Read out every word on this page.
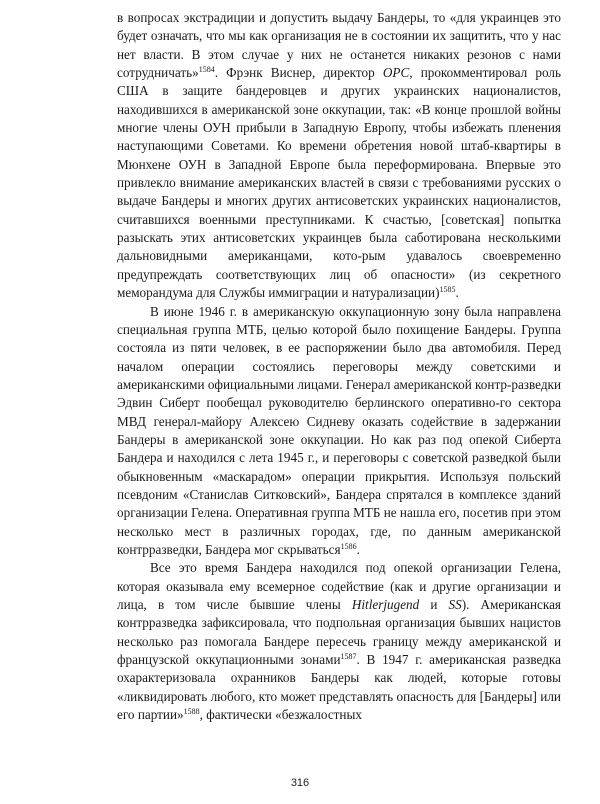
в вопросах экстрадиции и допустить выдачу Бандеры, то «для украинцев это будет означать, что мы как организация не в состоянии их защитить, что у нас нет власти. В этом случае у них не останется никаких резонов с нами сотрудничать»$^{1584}$. Фрэнк Виснер, директор ОРС, прокомментировал роль США в защите бандеровцев и других украинских националистов, находившихся в американской зоне оккупации, так: «В конце прошлой войны многие члены ОУН прибыли в Западную Европу, чтобы избежать пленения наступающими Советами. Ко времени обретения новой штаб-квартиры в Мюнхене ОУН в Западной Европе была переформирована. Впервые это привлекло внимание американских властей в связи с требованиями русских о выдаче Бандеры и многих других антисоветских украинских националистов, считавшихся военными преступниками. К счастью, [советская] попытка разыскать этих антисоветских украинцев была саботирована несколькими дальновидными американцами, кото-рым удавалось своевременно предупреждать соответствующих лиц об опасности» (из секретного меморандума для Службы иммиграции и натурализации)$^{1585}$.

В июне 1946 г. в американскую оккупационную зону была направлена специальная группа МТБ, целью которой было похищение Бандеры. Группа состояла из пяти человек, в ее распоряжении было два автомобиля. Перед началом операции состоялись переговоры между советскими и американскими официальными лицами. Генерал американской контр-разведки Эдвин Сиберт пообещал руководителю берлинского оперативно-го сектора МВД генерал-майору Алексею Сидневу оказать содействие в задержании Бандеры в американской зоне оккупации. Но как раз под опекой Сиберта Бандера и находился с лета 1945 г., и переговоры с советской разведкой были обыкновенным «маскарадом» операции прикрытия. Используя польский псевдоним «Станислав Ситковский», Бандера спрятался в комплексе зданий организации Гелена. Оперативная группа МТБ не нашла его, посетив при этом несколько мест в различных городах, где, по данным американской контрразведки, Бандера мог скрываться$^{1586}$.

Все это время Бандера находился под опекой организации Гелена, которая оказывала ему всемерное содействие (как и другие организации и лица, в том числе бывшие члены Hitlerjugend и SS). Американская контрразведка зафиксировала, что подпольная организация бывших нацистов несколько раз помогала Бандере пересечь границу между американской и французской оккупационными зонами$^{1587}$. В 1947 г. американская разведка охарактеризовала охранников Бандеры как людей, которые готовы «ликвидировать любого, кто может представлять опасность для [Бандеры] или его партии»$^{1588}$, фактически «безжалостных

316
